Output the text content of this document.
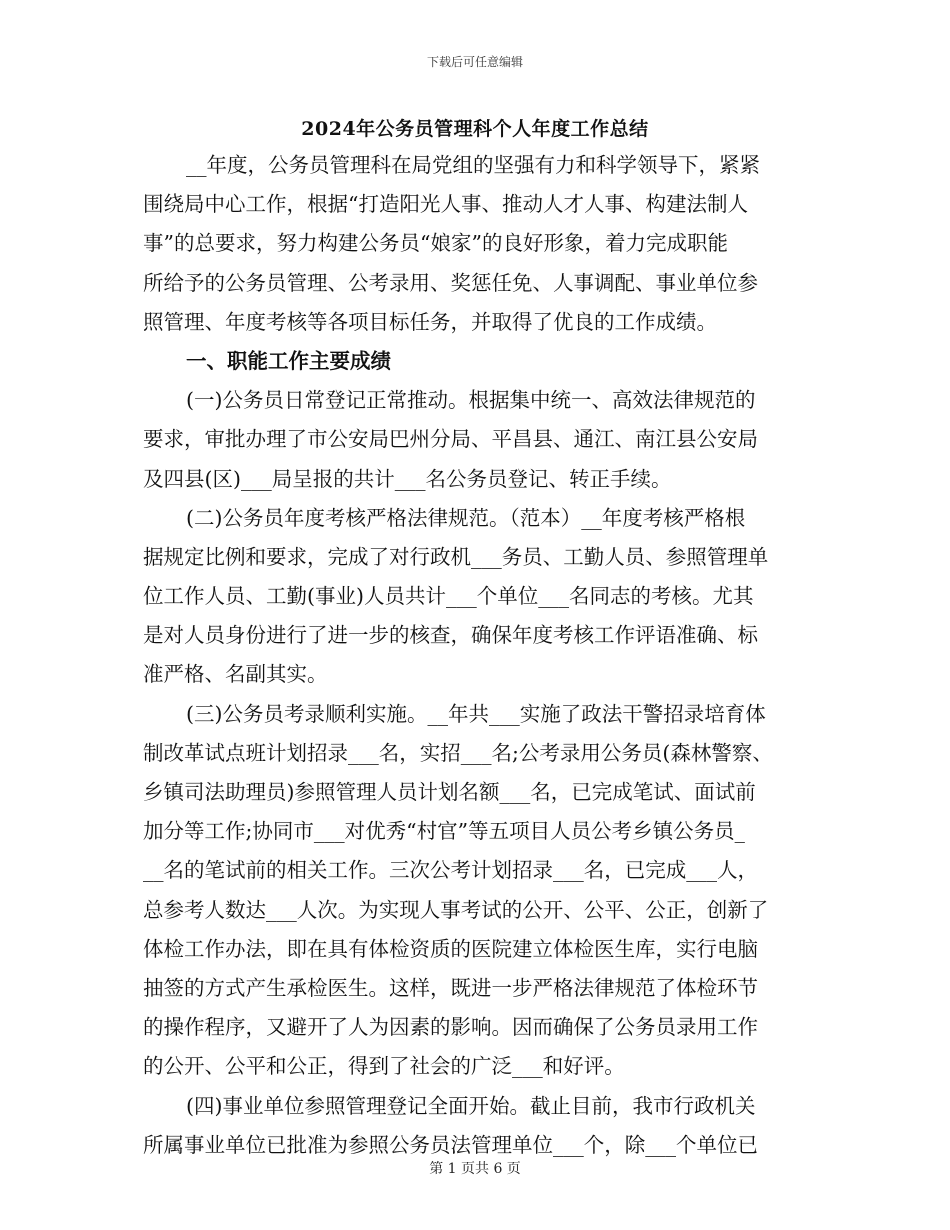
下载后可任意编辑
2024年公务员管理科个人年度工作总结
__年度，公务员管理科在局党组的坚强有力和科学领导下，紧紧
围绕局中心工作，根据“打造阳光人事、推动人才人事、构建法制人
事”的总要求，努力构建公务员“娘家”的良好形象，着力完成职能
所给予的公务员管理、公考录用、奖惩任免、人事调配、事业单位参
照管理、年度考核等各项目标任务，并取得了优良的工作成绩。
一、职能工作主要成绩
(一)公务员日常登记正常推动。根据集中统一、高效法律规范的
要求，审批办理了市公安局巴州分局、平昌县、通江、南江县公安局
及四县(区)___局呈报的共计___名公务员登记、转正手续。
(二)公务员年度考核严格法律规范。（范本）__年度考核严格根
据规定比例和要求，完成了对行政机___务员、工勤人员、参照管理单
位工作人员、工勤(事业)人员共计___个单位___名同志的考核。尤其
是对人员身份进行了进一步的核查，确保年度考核工作评语准确、标
准严格、名副其实。
(三)公务员考录顺利实施。__年共___实施了政法干警招录培育体
制改革试点班计划招录___名，实招___名;公考录用公务员(森林警察、
乡镇司法助理员)参照管理人员计划名额___名，已完成笔试、面试前
加分等工作;协同市___对优秀“村官”等五项目人员公考乡镇公务员_
__名的笔试前的相关工作。三次公考计划招录___名，已完成___人，
总参考人数达___人次。为实现人事考试的公开、公平、公正，创新了
体检工作办法，即在具有体检资质的医院建立体检医生库，实行电脑
抽签的方式产生承检医生。这样，既进一步严格法律规范了体检环节
的操作程序，又避开了人为因素的影响。因而确保了公务员录用工作
的公开、公平和公正，得到了社会的广泛___和好评。
(四)事业单位参照管理登记全面开始。截止目前，我市行政机关
所属事业单位已批准为参照公务员法管理单位___个，除___个单位已
第 1 页共 6 页
